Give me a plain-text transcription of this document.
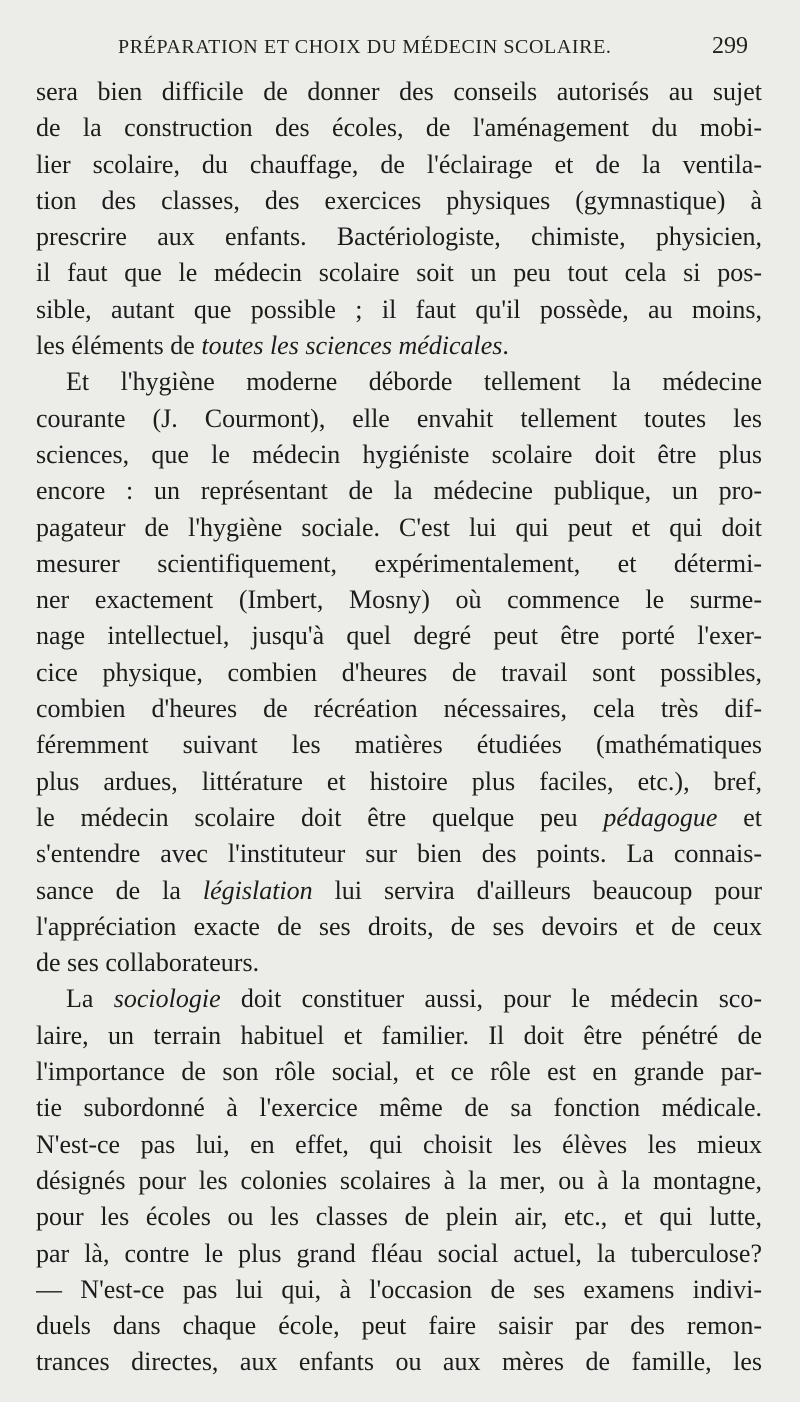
PRÉPARATION ET CHOIX DU MÉDECIN SCOLAIRE.	299
sera bien difficile de donner des conseils autorisés au sujet
de la construction des écoles, de l'aménagement du mobi-
lier scolaire, du chauffage, de l'éclairage et de la ventila-
tion des classes, des exercices physiques (gymnastique) à
prescrire aux enfants. Bactériologiste, chimiste, physicien,
il faut que le médecin scolaire soit un peu tout cela si pos-
sible, autant que possible ; il faut qu'il possède, au moins,
les éléments de toutes les sciences médicales.
Et l'hygiène moderne déborde tellement la médecine
courante (J. Courmont), elle envahit tellement toutes les
sciences, que le médecin hygiéniste scolaire doit être plus
encore : un représentant de la médecine publique, un pro-
pagateur de l'hygiène sociale. C'est lui qui peut et qui doit
mesurer scientifiquement, expérimentalement, et détermi-
ner exactement (Imbert, Mosny) où commence le surme-
nage intellectuel, jusqu'à quel degré peut être porté l'exer-
cice physique, combien d'heures de travail sont possibles,
combien d'heures de récréation nécessaires, cela très dif-
féremment suivant les matières étudiées (mathématiques
plus ardues, littérature et histoire plus faciles, etc.), bref,
le médecin scolaire doit être quelque peu pédagogue et
s'entendre avec l'instituteur sur bien des points. La connais-
sance de la législation lui servira d'ailleurs beaucoup pour
l'appréciation exacte de ses droits, de ses devoirs et de ceux
de ses collaborateurs.
La sociologie doit constituer aussi, pour le médecin sco-
laire, un terrain habituel et familier. Il doit être pénétré de
l'importance de son rôle social, et ce rôle est en grande par-
tie subordonné à l'exercice même de sa fonction médicale.
N'est-ce pas lui, en effet, qui choisit les élèves les mieux
désignés pour les colonies scolaires à la mer, ou à la montagne,
pour les écoles ou les classes de plein air, etc., et qui lutte,
par là, contre le plus grand fléau social actuel, la tuberculose?
— N'est-ce pas lui qui, à l'occasion de ses examens indivi-
duels dans chaque école, peut faire saisir par des remon-
trances directes, aux enfants ou aux mères de famille, les
